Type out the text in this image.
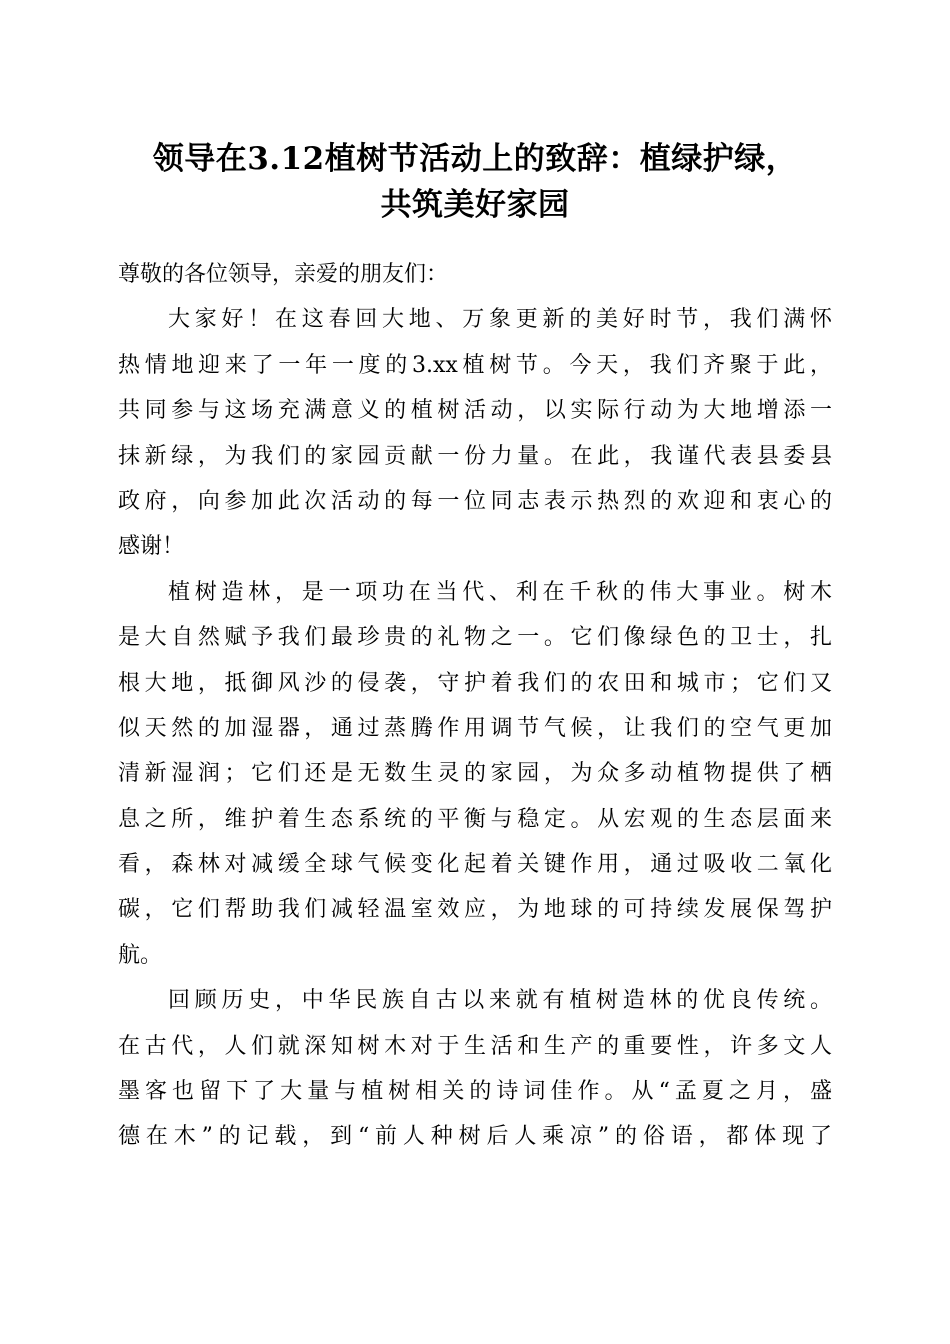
领导在3.12植树节活动上的致辞：植绿护绿，
共筑美好家园
尊敬的各位领导，亲爱的朋友们：
大家好！在这春回大地、万象更新的美好时节，我们满怀
热情地迎来了一年一度的3.xx植树节。今天，我们齐聚于此，
共同参与这场充满意义的植树活动，以实际行动为大地增添一
抹新绿，为我们的家园贡献一份力量。在此，我谨代表县委县
政府，向参加此次活动的每一位同志表示热烈的欢迎和衷心的
感谢！
植树造林，是一项功在当代、利在千秋的伟大事业。树木
是大自然赋予我们最珍贵的礼物之一。它们像绿色的卫士，扎
根大地，抵御风沙的侵袭，守护着我们的农田和城市；它们又
似天然的加湿器，通过蒸腾作用调节气候，让我们的空气更加
清新湿润；它们还是无数生灵的家园，为众多动植物提供了栖
息之所，维护着生态系统的平衡与稳定。从宏观的生态层面来
看，森林对减缓全球气候变化起着关键作用，通过吸收二氧化
碳，它们帮助我们减轻温室效应，为地球的可持续发展保驾护
航。
回顾历史，中华民族自古以来就有植树造林的优良传统。
在古代，人们就深知树木对于生活和生产的重要性，许多文人
墨客也留下了大量与植树相关的诗词佳作。从“孟夏之月，盛
德在木”的记载，到“前人种树后人乘凉”的俗语，都体现了
